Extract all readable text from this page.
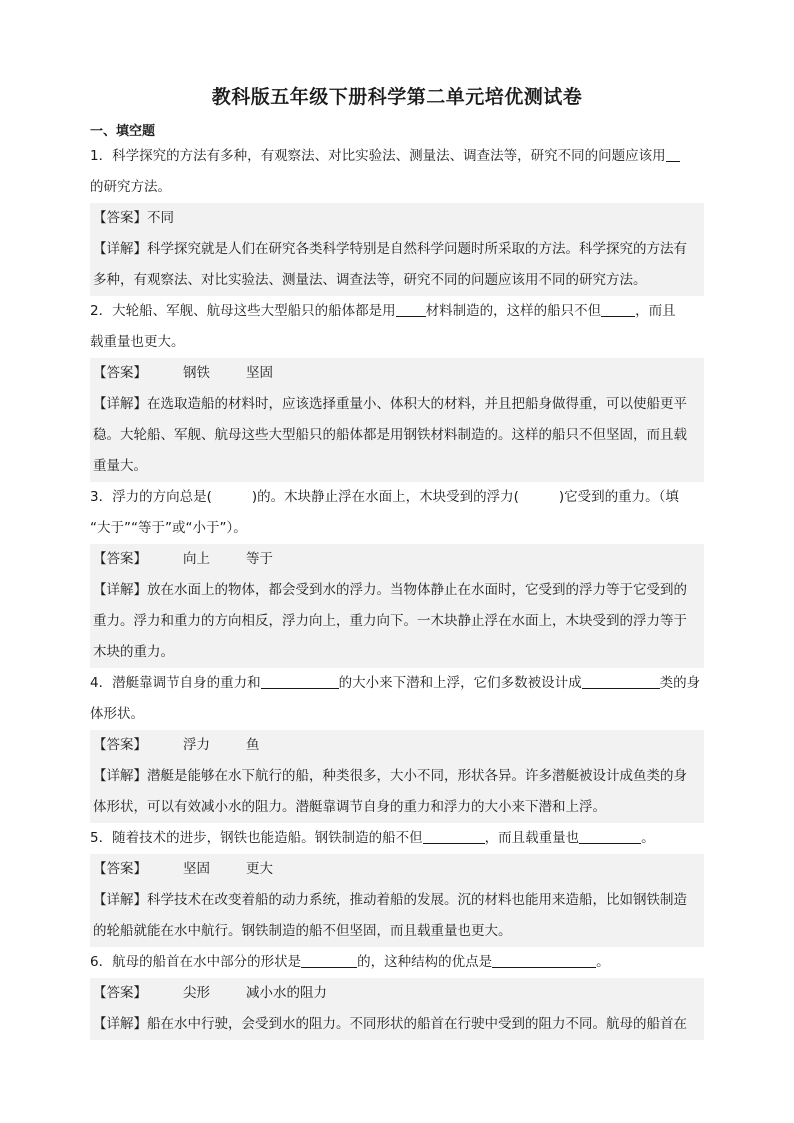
教科版五年级下册科学第二单元培优测试卷
一、填空题
1．科学探究的方法有多种，有观察法、对比实验法、测量法、调查法等，研究不同的问题应该用
的研究方法。
【答案】不同
【详解】科学探究就是人们在研究各类科学特别是自然科学问题时所采取的方法。科学探究的方法有
多种，有观察法、对比实验法、测量法、调查法等，研究不同的问题应该用不同的研究方法。
2．大轮船、军舰、航母这些大型船只的船体都是用 材料制造的，这样的船只不但	，而且
载重量也更大。
【答案】	钢铁	坚固
【详解】在选取造船的材料时，应该选择重量小、体积大的材料，并且把船身做得重，可以使船更平
稳。大轮船、军舰、航母这些大型船只的船体都是用钢铁材料制造的。这样的船只不但坚固，而且载
重量大。
3．浮力的方向总是(	)的。木块静止浮在水面上，木块受到的浮力(	)它受到的重力。（填
“大于”“等于”或“小于”）。
【答案】	向上	等于
【详解】放在水面上的物体，都会受到水的浮力。当物体静止在水面时，它受到的浮力等于它受到的
重力。浮力和重力的方向相反，浮力向上，重力向下。一木块静止浮在水面上，木块受到的浮力等于
木块的重力。
4．潜艇靠调节自身的重力和	的大小来下潜和上浮，它们多数被设计成	类的身
体形状。
【答案】	浮力	鱼
【详解】潜艇是能够在水下航行的船，种类很多，大小不同，形状各异。许多潜艇被设计成鱼类的身
体形状，可以有效减小水的阻力。潜艇靠调节自身的重力和浮力的大小来下潜和上浮。
5．随着技术的进步，钢铁也能造船。钢铁制造的船不但	，而且载重量也	。
【答案】	坚固	更大
【详解】科学技术在改变着船的动力系统，推动着船的发展。沉的材料也能用来造船，比如钢铁制造
的轮船就能在水中航行。钢铁制造的船不但坚固，而且载重量也更大。
6．航母的船首在水中部分的形状是	的，这种结构的优点是	。
【答案】	尖形	减小水的阻力
【详解】船在水中行驶，会受到水的阻力。不同形状的船首在行驶中受到的阻力不同。航母的船首在
